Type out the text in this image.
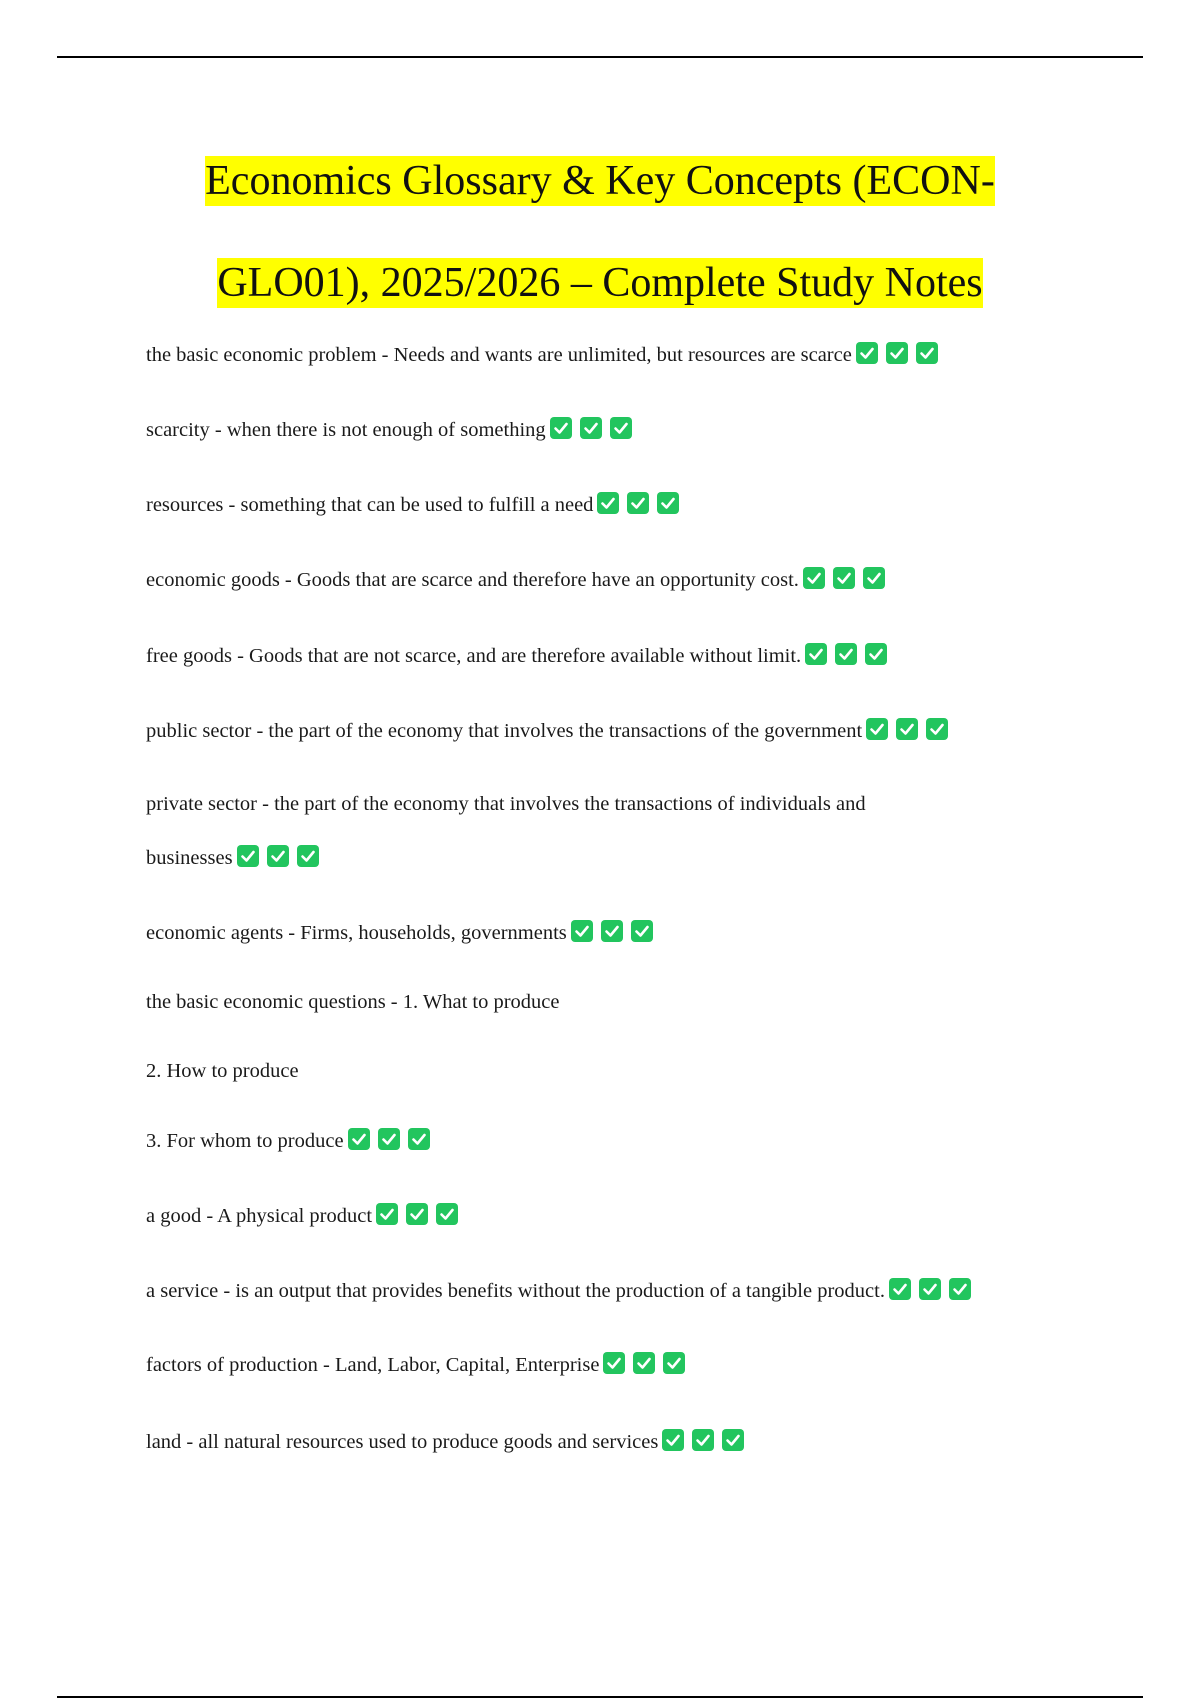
Economics Glossary & Key Concepts (ECON-
GLO01), 2025/2026 – Complete Study Notes
the basic economic problem - Needs and wants are unlimited, but resources are scarce
scarcity - when there is not enough of something
resources - something that can be used to fulfill a need
economic goods - Goods that are scarce and therefore have an opportunity cost.
free goods - Goods that are not scarce, and are therefore available without limit.
public sector - the part of the economy that involves the transactions of the government
private sector - the part of the economy that involves the transactions of individuals and
businesses
economic agents - Firms, households, governments
the basic economic questions - 1. What to produce
2. How to produce
3. For whom to produce
a good - A physical product
a service - is an output that provides benefits without the production of a tangible product.
factors of production - Land, Labor, Capital, Enterprise
land - all natural resources used to produce goods and services
